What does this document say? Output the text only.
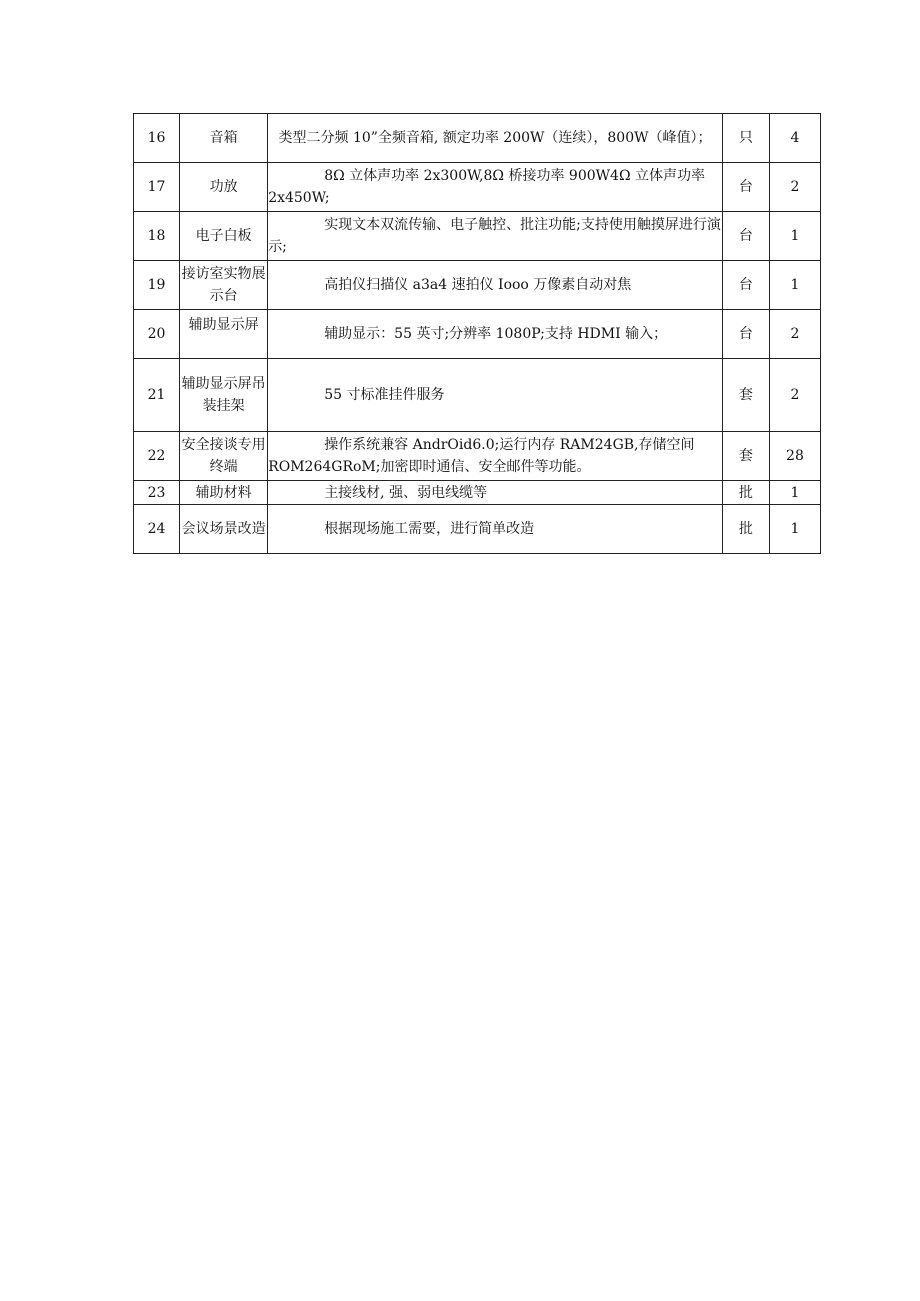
16	音箱	类型二分频 10”全频音箱, 额定功率 200W（连续），800W（峰值）；	只	4
17	功放	8Ω 立体声功率 2x300W,8Ω 桥接功率 900W4Ω 立体声功率 2x450W;	台	2
18	电子白板	实现文本双流传输、电子触控、批注功能;支持使用触摸屏进行演示;	台	1
19	接访室实物展示台	高拍仪扫描仪 a3a4 速拍仪 Iooo 万像素自动对焦	台	1
20	辅助显示屏	辅助显示：55 英寸;分辨率 1080P;支持 HDMI 输入；	台	2
21	辅助显示屏吊装挂架	55 寸标准挂件服务	套	2
22	安全接谈专用终端	操作系统兼容 AndrOid6.0;运行内存 RAM24GB,存储空间 ROM264GRoM;加密即时通信、安全邮件等功能。	套	28
23	辅助材料	主接线材, 强、弱电线缆等	批	1
24	会议场景改造	根据现场施工需要，进行简单改造	批	1
